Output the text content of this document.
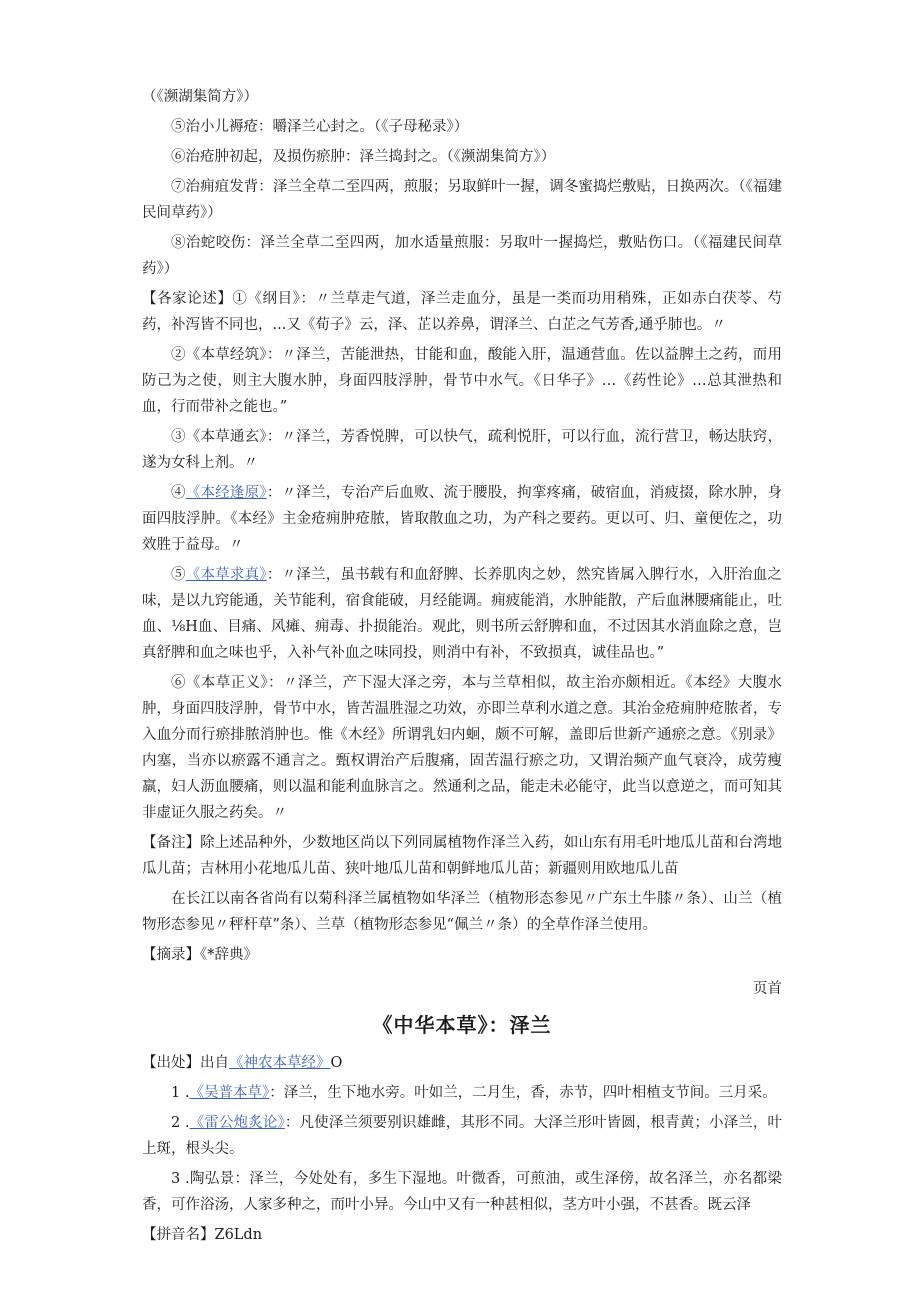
（《濒湖集简方》）

⑤治小儿褥疮：嚼泽兰心封之。（《子母秘录》）

⑥治疮肿初起，及损伤瘀肿：泽兰捣封之。（《濒湖集简方》）

⑦治痈疽发背：泽兰全草二至四两，煎服；另取鲜叶一握，调冬蜜捣烂敷贴，日换两次。（《福建民间草药》）

⑧治蛇咬伤：泽兰全草二至四两，加水适量煎服：另取叶一握捣烂，敷贴伤口。（《福建民间草药》）

【各家论述】①《纲目》：〃兰草走气道，泽兰走血分，虽是一类而功用稍殊，正如赤白茯苓、芍药，补泻皆不同也，...又《荀子》云，泽、芷以养鼻，谓泽兰、白芷之气芳香,通乎肺也。〃

②《本草经筑》：〃泽兰，苦能泄热，甘能和血，酸能入肝，温通营血。佐以益脾土之药，而用防己为之使，则主大腹水肿，身面四肢浮肿，骨节中水气。《日华子》…《药性论》…总其泄热和血，行而带补之能也。”

③《本草通玄》：〃泽兰，芳香悦脾，可以快气，疏利悦肝，可以行血，流行营卫，畅达肤窍，遂为女科上剂。〃

④《本经逢原》：〃泽兰，专治产后血败、流于腰股，拘挛疼痛，破宿血，消疲掇，除水肿，身面四肢浮肿。《本经》主金疮痈肿疮脓，皆取散血之功，为产科之要药。更以可、归、童便佐之，功效胜于益母。〃

⑤《本草求真》：〃泽兰，虽书载有和血舒脾、长养肌肉之妙，然究皆属入脾行水，入肝治血之味，是以九窍能通，关节能利，宿食能破，月经能调。痈疲能消，水肿能散，产后血淋腰痛能止，吐血、⅛H血、目痛、风瘫、痈毒、扑损能治。观此，则书所云舒脾和血，不过因其水消血除之意，岂真舒脾和血之味也乎，入补气补血之味同投，则消中有补，不致损真，诚佳品也。”

⑥《本草正义》：〃泽兰，产下湿大泽之旁，本与兰草相似，故主治亦颇相近。《本经》大腹水肿，身面四肢浮肿，骨节中水，皆苦温胜湿之功效，亦即兰草利水道之意。其治金疮痈肿疮脓者，专入血分而行瘀排脓消肿也。惟《木经》所谓乳妇内蛔，颇不可解，盖即后世新产通瘀之意。《别录》内塞，当亦以瘀露不通言之。甄权谓治产后腹痛，固苦温行瘀之功，又谓治频产血气衰冷，成劳瘦羸，妇人沥血腰痛，则以温和能利血脉言之。然通利之品，能走未必能守，此当以意逆之，而可知其非虚证久服之药矣。〃

【备注】除上述品种外，少数地区尚以下列同属植物作泽兰入药，如山东有用毛叶地瓜儿苗和台湾地瓜儿苗；吉林用小花地瓜儿苗、狭叶地瓜儿苗和朝鲜地瓜儿苗；新疆则用欧地瓜儿苗

在长江以南各省尚有以菊科泽兰属植物如华泽兰（植物形态参见〃广东土牛膝〃条）、山兰（植物形态参见〃秤杆草”条）、兰草（植物形态参见“佩兰〃条）的全草作泽兰使用。

【摘录】《*辞典》

页首

《中华本草》：泽兰

【出处】出自《神农本草经》O

1 .《吴普本草》：泽兰，生下地水旁。叶如兰，二月生，香，赤节，四叶相植支节间。三月采。

2 .《雷公炮炙论》：凡使泽兰须要别识雄雌，其形不同。大泽兰形叶皆圆，根青黄；小泽兰，叶上斑，根头尖。

3 .陶弘景：泽兰，今处处有，多生下湿地。叶微香，可煎油，或生泽傍，故名泽兰，亦名都梁香，可作浴汤，人家多种之，而叶小异。今山中又有一种甚相似，茎方叶小强，不甚香。既云泽

【拼音名】Z6Ldn
